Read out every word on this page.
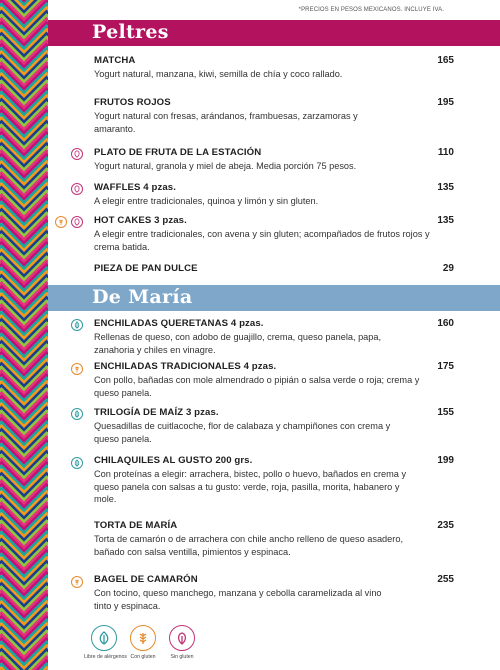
*PRECIOS EN PESOS MEXICANOS. INCLUYE IVA.
Peltres
MATCHA
Yogurt natural, manzana, kiwi, semilla de chía y coco rallado.
165
FRUTOS ROJOS
Yogurt natural con fresas, arándanos, frambuesas, zarzamoras y amaranto.
195
PLATO DE FRUTA DE LA ESTACIÓN
Yogurt natural, granola y miel de abeja. Media porción 75 pesos.
110
WAFFLES 4 pzas.
A elegir entre tradicionales, quinoa y limón y sin gluten.
135
HOT CAKES 3 pzas.
A elegir entre tradicionales, con avena y sin gluten; acompañados de frutos rojos y crema batida.
135
PIEZA DE PAN DULCE	29
De María
ENCHILADAS QUERETANAS 4 pzas.
Rellenas de queso, con adobo de guajillo, crema, queso panela, papa, zanahoria y chiles en vinagre.
160
ENCHILADAS TRADICIONALES 4 pzas.
Con pollo, bañadas con mole almendrado o pipián o salsa verde o roja; crema y queso panela.
175
TRILOGÍA DE MAÍZ 3 pzas.
Quesadillas de cuitlacoche, flor de calabaza y champiñones con crema y queso panela.
155
CHILAQUILES AL GUSTO 200 grs.
Con proteínas a elegir: arrachera, bistec, pollo o huevo, bañados en crema y queso panela con salsas a tu gusto: verde, roja, pasilla, morita, habanero y mole.
199
TORTA DE MARÍA
Torta de camarón o de arrachera con chile ancho relleno de queso asadero, bañado con salsa ventilla, pimientos y espinaca.
235
BAGEL DE CAMARÓN
Con tocino, queso manchego, manzana y cebolla caramelizada al vino tinto y espinaca.
255
Libre de alérgenos Con gluten	Sin gluten
